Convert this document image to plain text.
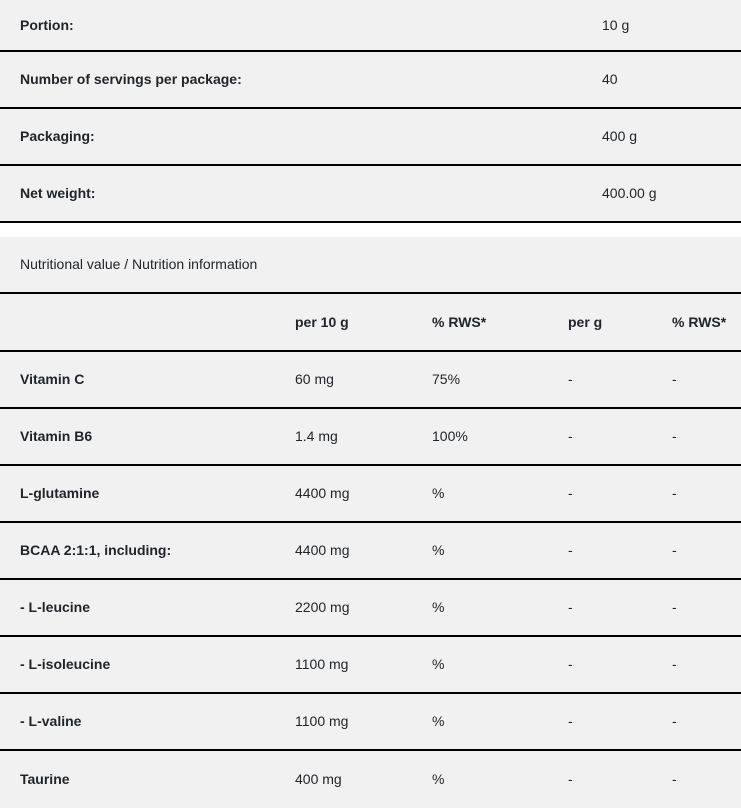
Portion:	10 g
Number of servings per package:	40
Packaging:	400 g
Net weight:	400.00 g
Nutritional value / Nutrition information				
	per 10 g	% RWS*	per g	% RWS*
Vitamin C	60 mg	75%	-	-
Vitamin B6	1.4 mg	100%	-	-
L-glutamine	4400 mg	%	-	-
BCAA 2:1:1, including:	4400 mg	%	-	-
- L-leucine	2200 mg	%	-	-
- L-isoleucine	1100 mg	%	-	-
- L-valine	1100 mg	%	-	-
Taurine	400 mg	%	-	-
